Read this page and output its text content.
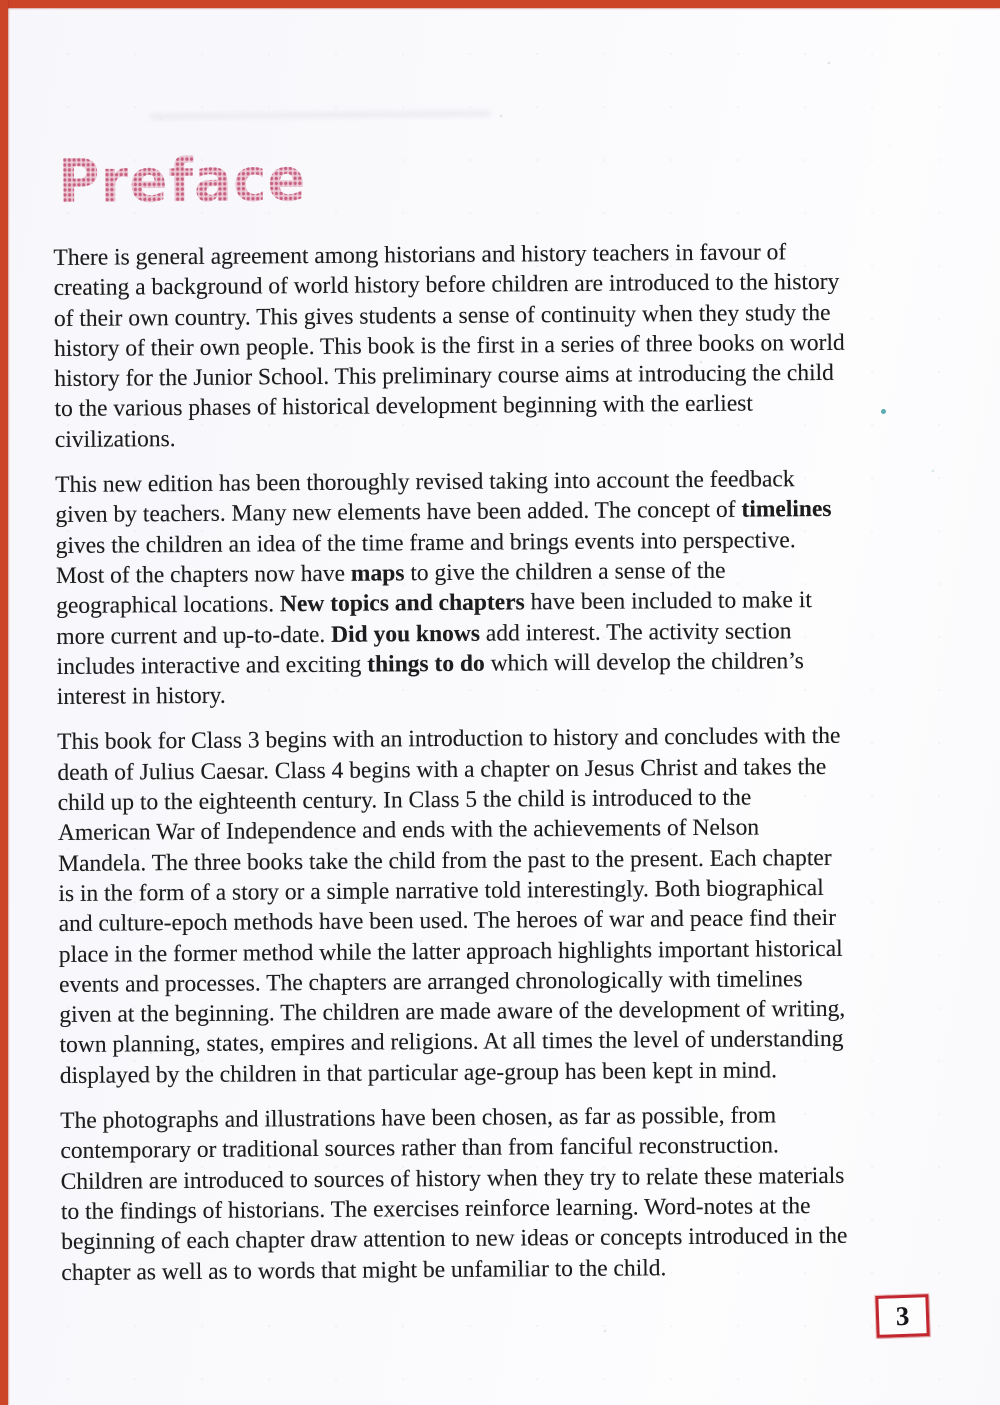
Preface

There is general agreement among historians and history teachers in favour of
creating a background of world history before children are introduced to the history
of their own country. This gives students a sense of continuity when they study the
history of their own people. This book is the first in a series of three books on world
history for the Junior School. This preliminary course aims at introducing the child
to the various phases of historical development beginning with the earliest
civilizations.

This new edition has been thoroughly revised taking into account the feedback
given by teachers. Many new elements have been added. The concept of timelines
gives the children an idea of the time frame and brings events into perspective.
Most of the chapters now have maps to give the children a sense of the
geographical locations. New topics and chapters have been included to make it
more current and up-to-date. Did you knows add interest. The activity section
includes interactive and exciting things to do which will develop the children’s
interest in history.

This book for Class 3 begins with an introduction to history and concludes with the
death of Julius Caesar. Class 4 begins with a chapter on Jesus Christ and takes the
child up to the eighteenth century. In Class 5 the child is introduced to the
American War of Independence and ends with the achievements of Nelson
Mandela. The three books take the child from the past to the present. Each chapter
is in the form of a story or a simple narrative told interestingly. Both biographical
and culture-epoch methods have been used. The heroes of war and peace find their
place in the former method while the latter approach highlights important historical
events and processes. The chapters are arranged chronologically with timelines
given at the beginning. The children are made aware of the development of writing,
town planning, states, empires and religions. At all times the level of understanding
displayed by the children in that particular age-group has been kept in mind.

The photographs and illustrations have been chosen, as far as possible, from
contemporary or traditional sources rather than from fanciful reconstruction.
Children are introduced to sources of history when they try to relate these materials
to the findings of historians. The exercises reinforce learning. Word-notes at the
beginning of each chapter draw attention to new ideas or concepts introduced in the
chapter as well as to words that might be unfamiliar to the child.

3
